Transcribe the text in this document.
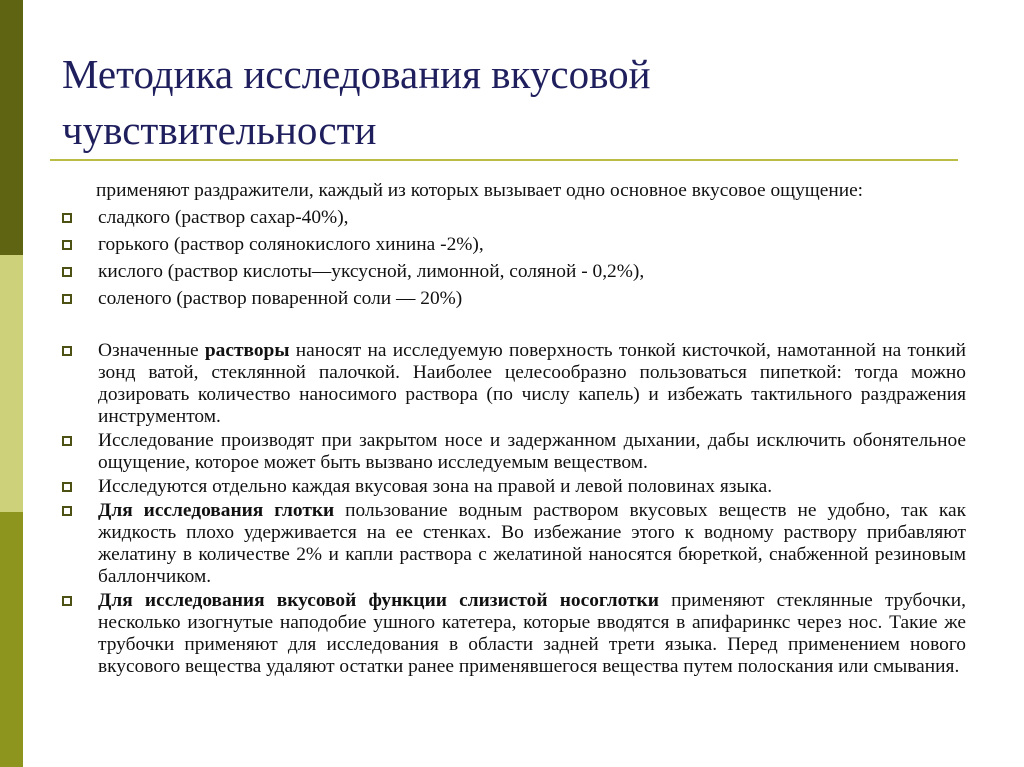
Методика исследования вкусовой чувствительности

применяют раздражители, каждый из которых вызывает одно основное вкусовое ощущение:

сладкого (раствор сахар-40%),

горького (раствор солянокислого хинина -2%),

кислого (раствор кислоты—уксусной, лимонной, соляной - 0,2%),

соленого (раствор поваренной соли — 20%)

Означенные растворы наносят на исследуемую поверхность тонкой кисточкой, намотанной на тонкий зонд ватой, стеклянной палочкой. Наиболее целесообразно пользоваться пипеткой: тогда можно дозировать количество наносимого раствора (по числу капель) и избежать тактильного раздражения инструментом.

Исследование производят при закрытом носе и задержанном дыхании, дабы исключить обонятельное ощущение, которое может быть вызвано исследуемым веществом.

Исследуются отдельно каждая вкусовая зона на правой и левой половинах языка.

Для исследования глотки пользование водным раствором вкусовых веществ не удобно, так как жидкость плохо удерживается на ее стенках. Во избежание этого к водному раствору прибавляют желатину в количестве 2% и капли раствора с желатиной наносятся бюреткой, снабженной резиновым баллончиком.

Для исследования вкусовой функции слизистой носоглотки применяют стеклянные трубочки, несколько изогнутые наподобие ушного катетера, которые вводятся в апифаринкс через нос. Такие же трубочки применяют для исследования в области задней трети языка. Перед применением нового вкусового вещества удаляют остатки ранее применявшегося вещества путем полоскания или смывания.
